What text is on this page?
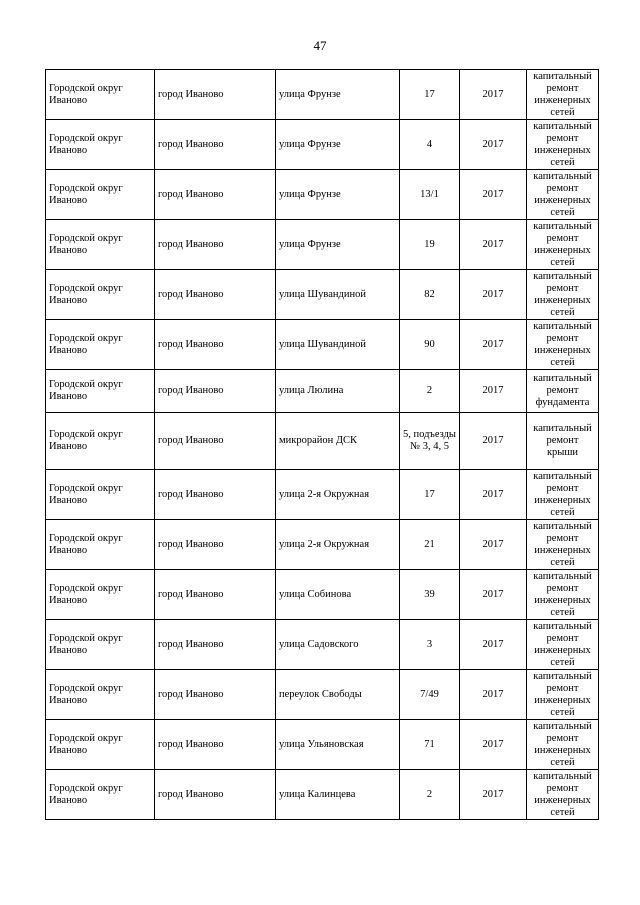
47
Городской округ Иваново	город Иваново	улица Фрунзе	17	2017	капитальный ремонт инженерных сетей
Городской округ Иваново	город Иваново	улица Фрунзе	4	2017	капитальный ремонт инженерных сетей
Городской округ Иваново	город Иваново	улица Фрунзе	13/1	2017	капитальный ремонт инженерных сетей
Городской округ Иваново	город Иваново	улица Фрунзе	19	2017	капитальный ремонт инженерных сетей
Городской округ Иваново	город Иваново	улица Шувандиной	82	2017	капитальный ремонт инженерных сетей
Городской округ Иваново	город Иваново	улица Шувандиной	90	2017	капитальный ремонт инженерных сетей
Городской округ Иваново	город Иваново	улица Люлина	2	2017	капитальный ремонт фундамента
Городской округ Иваново	город Иваново	микрорайон ДСК	5, подъезды № 3, 4, 5	2017	капитальный ремонт крыши
Городской округ Иваново	город Иваново	улица 2-я Окружная	17	2017	капитальный ремонт инженерных сетей
Городской округ Иваново	город Иваново	улица 2-я Окружная	21	2017	капитальный ремонт инженерных сетей
Городской округ Иваново	город Иваново	улица Собинова	39	2017	капитальный ремонт инженерных сетей
Городской округ Иваново	город Иваново	улица Садовского	3	2017	капитальный ремонт инженерных сетей
Городской округ Иваново	город Иваново	переулок Свободы	7/49	2017	капитальный ремонт инженерных сетей
Городской округ Иваново	город Иваново	улица Ульяновская	71	2017	капитальный ремонт инженерных сетей
Городской округ Иваново	город Иваново	улица Калинцева	2	2017	капитальный ремонт инженерных сетей
